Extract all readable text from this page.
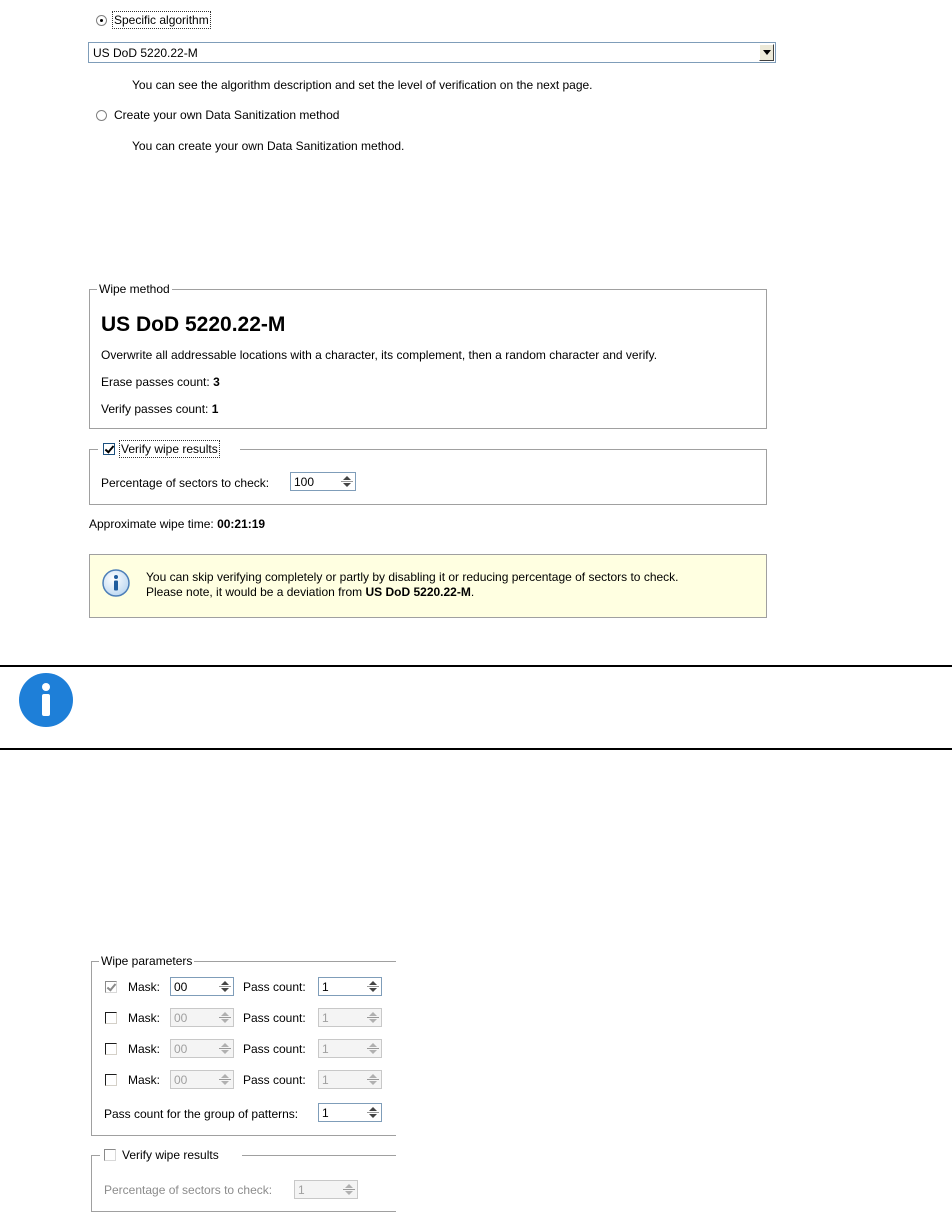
Specific algorithm
US DoD 5220.22-M
You can see the algorithm description and set the level of verification on the next page.
Create your own Data Sanitization method
You can create your own Data Sanitization method.
Wipe method
US DoD 5220.22-M
Overwrite all addressable locations with a character, its complement, then a random character and verify.
Erase passes count: 3
Verify passes count: 1
Verify wipe results
Percentage of sectors to check: 100
Approximate wipe time: 00:21:19
You can skip verifying completely or partly by disabling it or reducing percentage of sectors to check.
Please note, it would be a deviation from US DoD 5220.22-M.
Wipe parameters
Mask: 00	Pass count: 1
Mask: 00	Pass count: 1
Mask: 00	Pass count: 1
Mask: 00	Pass count: 1
Pass count for the group of patterns: 1
Verify wipe results
Percentage of sectors to check: 1
